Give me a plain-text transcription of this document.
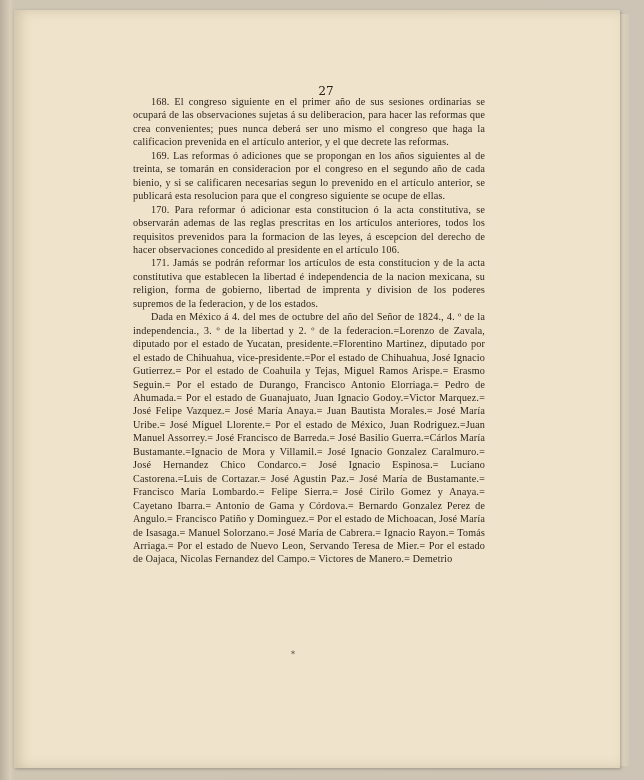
27

168. El congreso siguiente en el primer año de sus sesiones ordinarias se ocupará de las observaciones sujetas á su deliberacion, para hacer las reformas que crea convenientes; pues nunca deberá ser uno mismo el congreso que haga la calificacion prevenida en el artículo anterior, y el que decrete las reformas.

169. Las reformas ó adiciones que se propongan en los años siguientes al de treinta, se tomarán en consideracion por el congreso en el segundo año de cada bienio, y si se calificaren necesarias segun lo prevenido en el artículo anterior, se publicará esta resolucion para que el congreso siguiente se ocupe de ellas.

170. Para reformar ó adicionar esta constitucion ó la acta constitutiva, se observarán ademas de las reglas prescritas en los artículos anteriores, todos los requisitos prevenidos para la formacion de las leyes, á escepcion del derecho de hacer observaciones concedido al presidente en el artículo 106.

171. Jamás se podrán reformar los artículos de esta constitucion y de la acta constitutiva que establecen la libertad é independencia de la nacion mexicana, su religion, forma de gobierno, libertad de imprenta y division de los poderes supremos de la federacion, y de los estados.

Dada en México á 4. del mes de octubre del año del Señor de 1824., 4. º de la independencia., 3. º de la libertad y 2. º de la federacion.=Lorenzo de Zavala, diputado por el estado de Yucatan, presidente.=Florentino Martinez, diputado por el estado de Chihuahua, vice-presidente.=Por el estado de Chihuahua, José Ignacio Gutierrez.= Por el estado de Coahuila y Tejas, Miguel Ramos Arispe.= Erasmo Seguin.= Por el estado de Durango, Francisco Antonio Elorriaga.= Pedro de Ahumada.= Por el estado de Guanajuato, Juan Ignacio Godoy.=Victor Marquez.= José Felipe Vazquez.= José María Anaya.= Juan Bautista Morales.= José María Uribe.= José Miguel Llorente.= Por el estado de México, Juan Rodriguez.=Juan Manuel Assorrey.= José Francisco de Barreda.= José Basilio Guerra.=Cárlos María Bustamante.=Ignacio de Mora y Villamil.= José Ignacio Gonzalez Caralmuro.= José Hernandez Chico Condarco.= José Ignacio Espinosa.= Luciano Castorena.=Luis de Cortazar.= José Agustin Paz.= José María de Bustamante.= Francisco María Lombardo.= Felipe Sierra.= José Cirilo Gomez y Anaya.= Cayetano Ibarra.= Antonio de Gama y Córdova.= Bernardo Gonzalez Perez de Angulo.= Francisco Patiño y Dominguez.= Por el estado de Michoacan, José María de Isasaga.= Manuel Solorzano.= José María de Cabrera.= Ignacio Rayon.= Tomás Arriaga.= Por el estado de Nuevo Leon, Servando Teresa de Mier.= Por el estado de Oajaca, Nicolas Fernandez del Campo.= Victores de Manero.= Demetrio

*
